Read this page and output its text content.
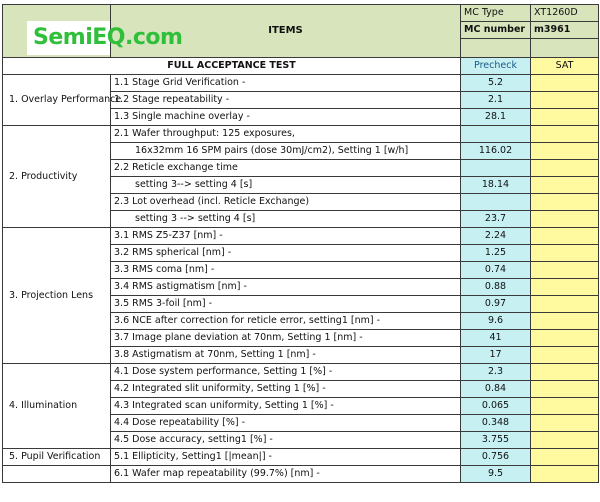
SemiEQ.com	ITEMS	MC Type	XT1260D
		MC number	m3961

FULL ACCEPTANCE TEST		Precheck	SAT
1. Overlay Performance	1.1 Stage Grid Verification -	5.2	
	1.2 Stage repeatability -	2.1	
	1.3 Single machine overlay -	28.1	
2. Productivity	2.1 Wafer throughput: 125 exposures,		
	16x32mm 16 SPM pairs (dose 30mJ/cm2), Setting 1 [w/h]	116.02	
	2.2 Reticle exchange time		
	setting 3--> setting 4 [s]	18.14	
	2.3 Lot overhead (incl. Reticle Exchange)		
	setting 3 --> setting 4 [s]	23.7	
3. Projection Lens	3.1 RMS Z5-Z37 [nm] -	2.24	
	3.2 RMS spherical [nm] -	1.25	
	3.3 RMS coma [nm] -	0.74	
	3.4 RMS astigmatism [nm] -	0.88	
	3.5 RMS 3-foil [nm] -	0.97	
	3.6 NCE after correction for reticle error, setting1 [nm] -	9.6	
	3.7 Image plane deviation at 70nm, Setting 1 [nm] -	41	
	3.8 Astigmatism at 70nm, Setting 1 [nm] -	17	
4. Illumination	4.1 Dose system performance, Setting 1 [%] -	2.3	
	4.2 Integrated slit uniformity, Setting 1 [%] -	0.84	
	4.3 Integrated scan uniformity, Setting 1 [%] -	0.065	
	4.4 Dose repeatability [%] -	0.348	
	4.5 Dose accuracy, setting1 [%] -	3.755	
5. Pupil Verification	5.1 Ellipticity, Setting1 [|mean|] -	0.756	
	6.1 Wafer map repeatability (99.7%) [nm] -	9.5	
